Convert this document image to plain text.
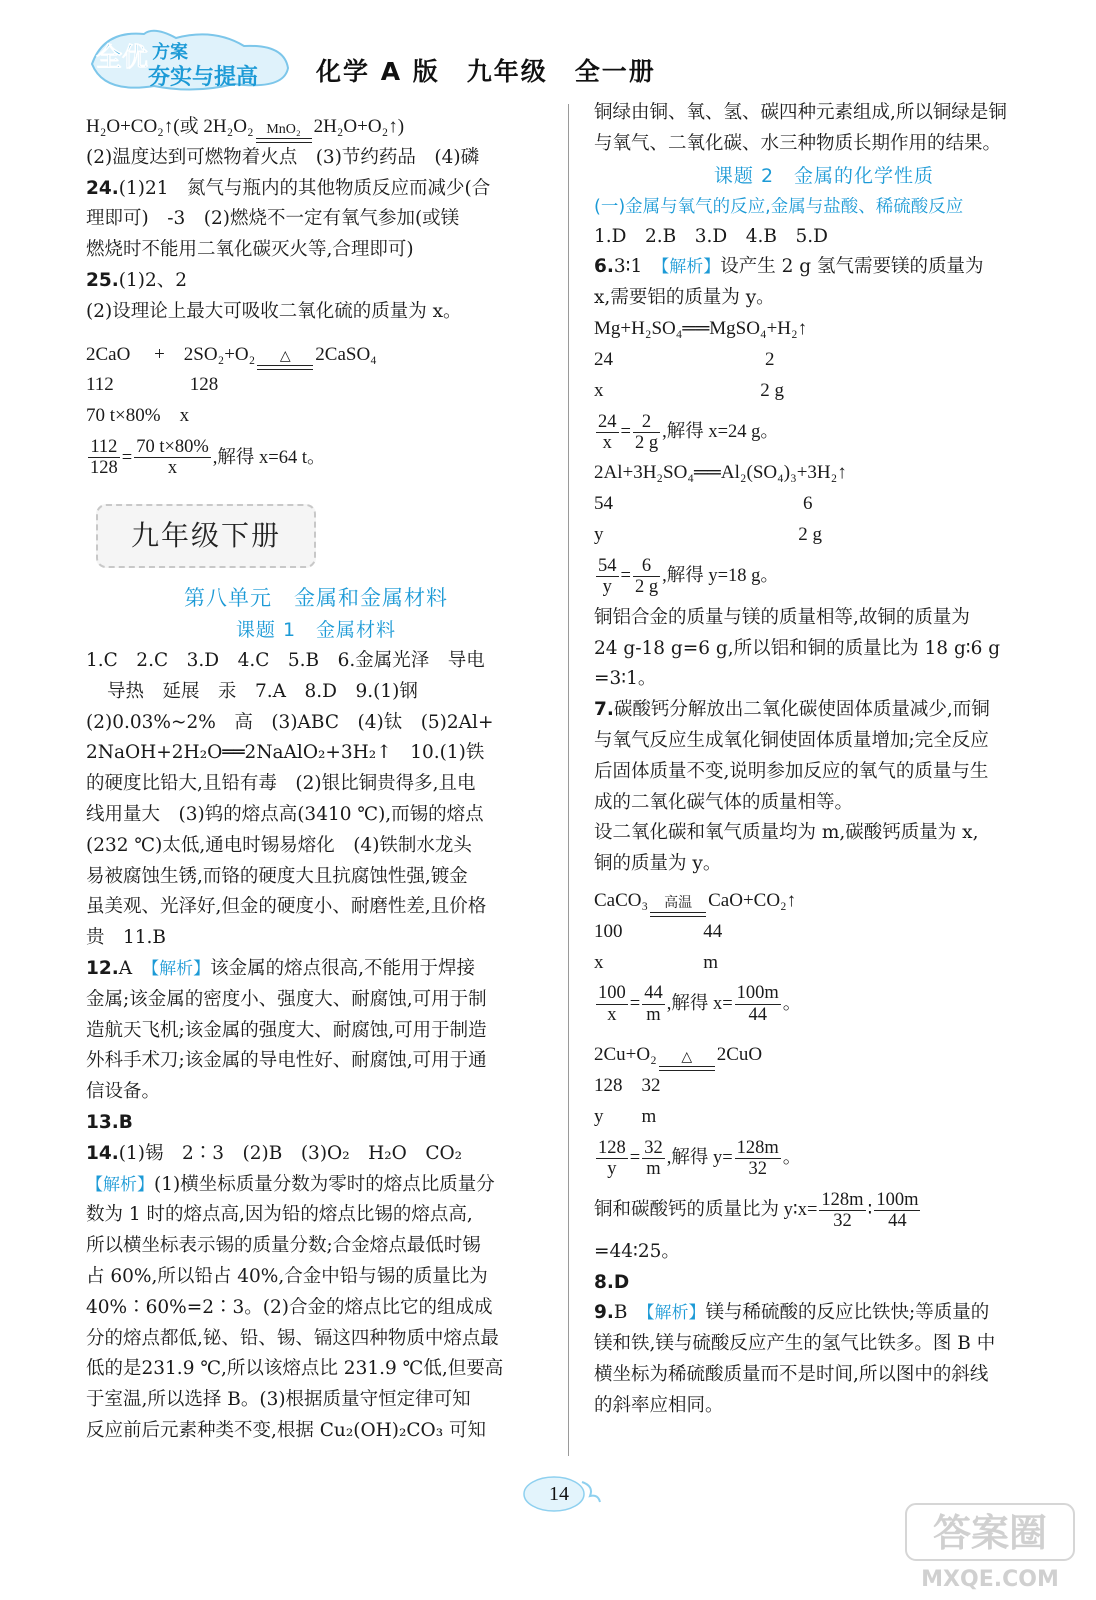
全优 方案
夯实与提高 化学 A 版　九年级　全一册
H₂O+CO₂↑(或 2H₂O₂ MnO₂ 2H₂O+O₂↑)
(2)温度达到可燃物着火点　(3)节约药品　(4)磷
24.(1)21　氮气与瓶内的其他物质反应而减少(合
理即可)　-3　(2)燃烧不一定有氧气参加(或镁
燃烧时不能用二氧化碳灭火等,合理即可)
25.(1)2、2
(2)设理论上最大可吸收二氧化硫的质量为 x。
2CaO　 +　2SO₂+O₂ △ 2CaSO₄
112　　　　128
70 t×80%　x
$\frac{112}{128} = \frac{70 t\times 80\%}{x}$ ,解得 x=64 t。
九年级下册
第八单元　金属和金属材料
课题 1　金属材料
1.C　2.C　3.D　4.C　5.B　6.金属光泽　导电
导热　延展　汞　7.A　8.D　9.(1)钢
(2)0.03%~2%　高　(3)ABC　(4)钛　(5)2Al+
2NaOH+2H₂O══2NaAlO₂+3H₂↑　10.(1)铁
的硬度比铅大,且铅有毒　(2)银比铜贵得多,且电
线用量大　(3)钨的熔点高(3410 ℃),而锡的熔点
(232 ℃)太低,通电时锡易熔化　(4)铁制水龙头
易被腐蚀生锈,而铬的硬度大且抗腐蚀性强,镀金
虽美观、光泽好,但金的硬度小、耐磨性差,且价格
贵　11.B
12.A　【解析】该金属的熔点很高,不能用于焊接
金属;该金属的密度小、强度大、耐腐蚀,可用于制
造航天飞机;该金属的强度大、耐腐蚀,可用于制造
外科手术刀;该金属的导电性好、耐腐蚀,可用于通
信设备。
13.B
14.(1)锡　2∶3　(2)B　(3)O₂　H₂O　CO₂
【解析】(1)横坐标质量分数为零时的熔点比质量分
数为 1 时的熔点高,因为铅的熔点比锡的熔点高,
所以横坐标表示锡的质量分数;合金熔点最低时锡
占 60%,所以铅占 40%,合金中铅与锡的质量比为
40%∶60%=2∶3。(2)合金的熔点比它的组成成
分的熔点都低,铋、铅、锡、镉这四种物质中熔点最
低的是231.9 ℃,所以该熔点比 231.9 ℃低,但要高
于室温,所以选择 B。(3)根据质量守恒定律可知
反应前后元素种类不变,根据 Cu₂(OH)₂CO₃ 可知
铜绿由铜、氧、氢、碳四种元素组成,所以铜绿是铜
与氧气、二氧化碳、水三种物质长期作用的结果。
课题 2　金属的化学性质
(一)金属与氧气的反应,金属与盐酸、稀硫酸反应
1.D　2.B　3.D　4.B　5.D
6.3∶1　【解析】设产生 2 g 氢气需要镁的质量为
x,需要铝的质量为 y。
Mg+H₂SO₄══MgSO₄+H₂↑
24　　　　　　　　2
x　　　　　　　　 2 g
$\frac{24}{x} = \frac{2}{2 g}$ ,解得 x=24 g。
2Al+3H₂SO₄══Al₂(SO₄)₃+3H₂↑
54　　　　　　　　　　6
y　　　　　　　　　　 2 g
$\frac{54}{y} = \frac{6}{2 g}$ ,解得 y=18 g。
铜铝合金的质量与镁的质量相等,故铜的质量为
24 g-18 g=6 g,所以铝和铜的质量比为 18 g∶6 g
=3∶1。
7.碳酸钙分解放出二氧化碳使固体质量减少,而铜
与氧气反应生成氧化铜使固体质量增加;完全反应
后固体质量不变,说明参加反应的氧气的质量与生
成的二氧化碳气体的质量相等。
设二氧化碳和氧气质量均为 m,碳酸钙质量为 x,
铜的质量为 y。
CaCO₃ 高温 CaO+CO₂↑
100　　　　 44
x　　　　　 m
$\frac{100}{x} = \frac{44}{m}$ ,解得 $x= \frac{100m}{44}$ 。
2Cu+O₂ △ 2CuO
128　32
y　　m
$\frac{128}{y} = \frac{32}{m}$ ,解得 $y= \frac{128m}{32}$ 。
铜和碳酸钙的质量比为 y∶x= $\frac{128m}{32}$ ∶ $\frac{100m}{44}$
=44∶25。
8.D
9.B　【解析】镁与稀硫酸的反应比铁快;等质量的
镁和铁,镁与硫酸反应产生的氢气比铁多。图 B 中
横坐标为稀硫酸质量而不是时间,所以图中的斜线
的斜率应相同。
14
答案圈
MXQE.COM
